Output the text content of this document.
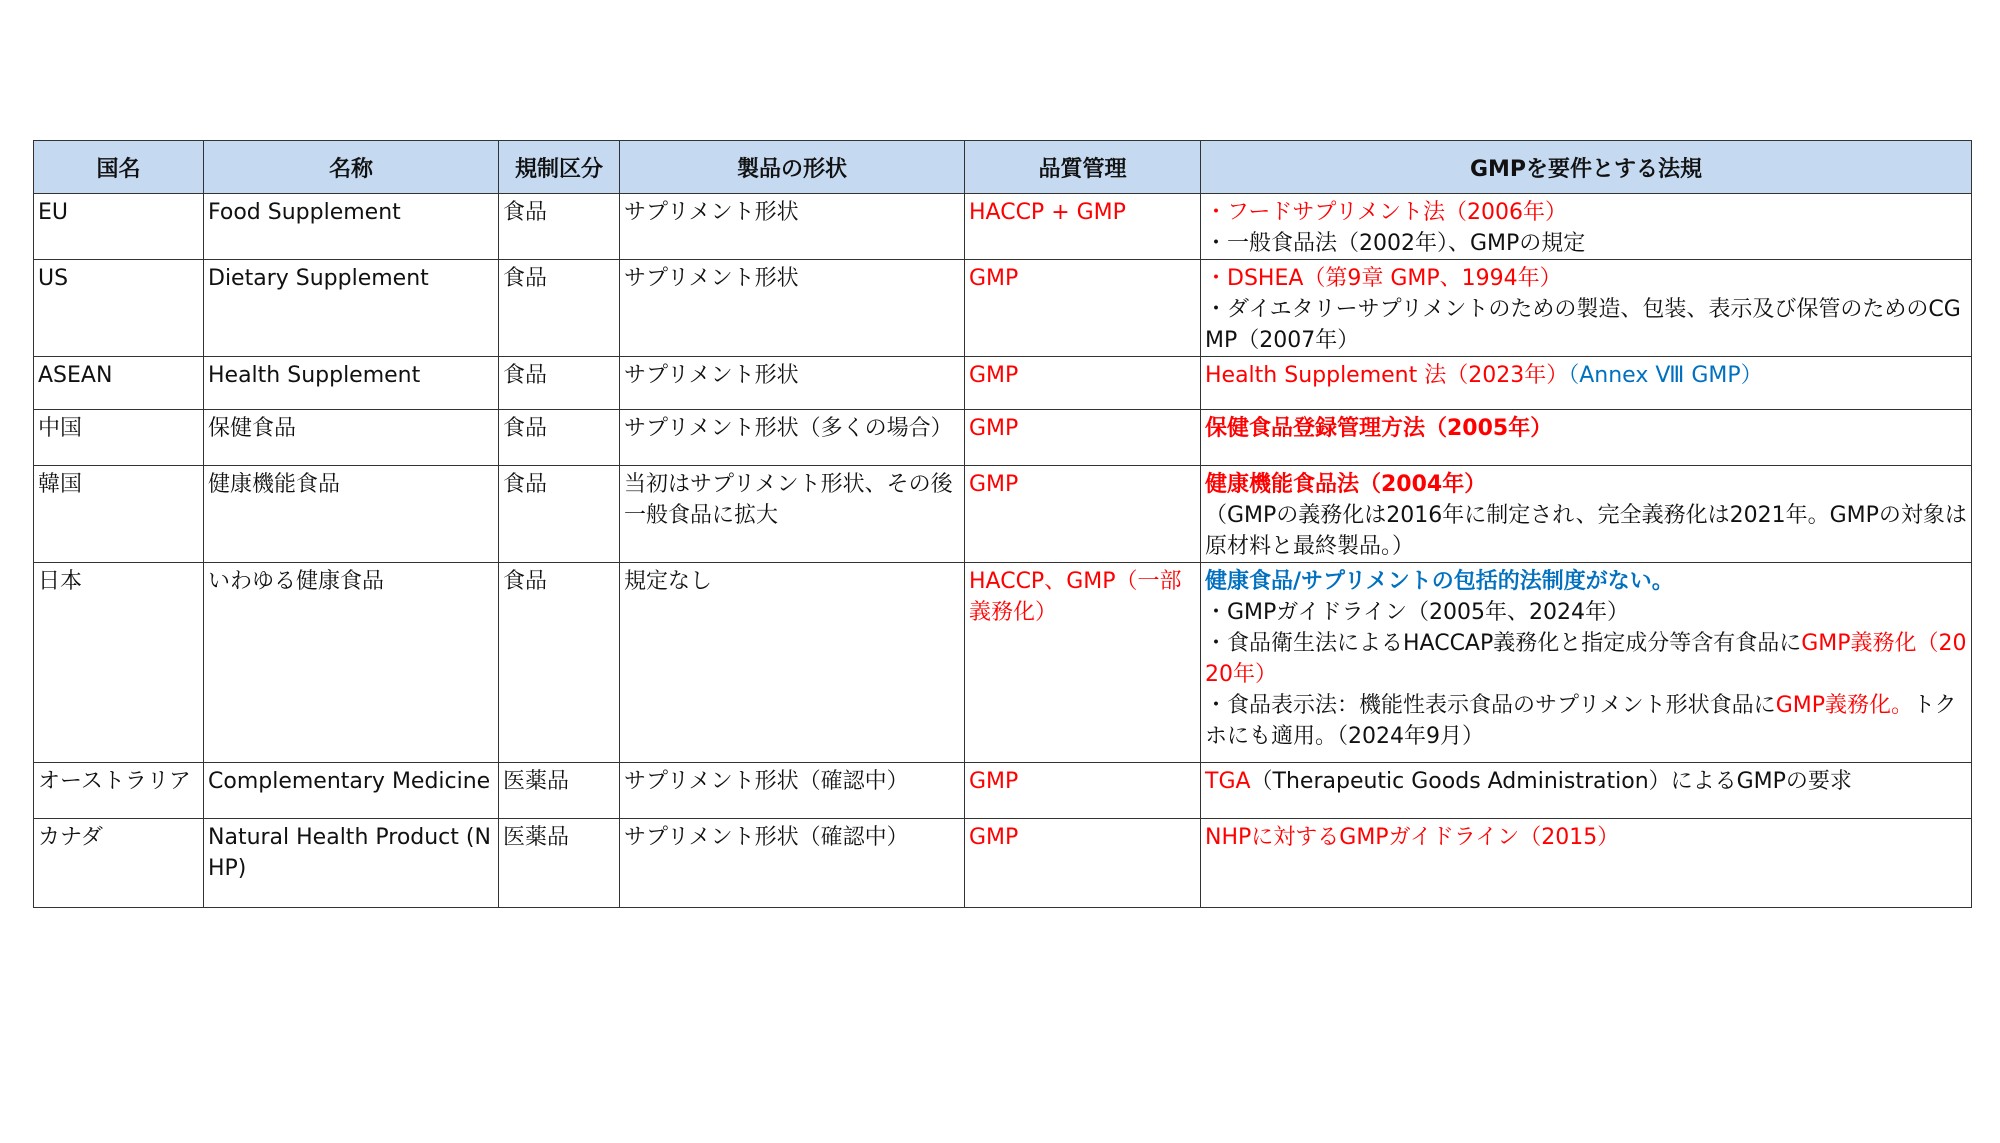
国名	名称	規制区分	製品の形状	品質管理	GMPを要件とする法規
EU	Food Supplement	食品	サプリメント形状	HACCP + GMP	・フードサプリメント法（2006年）
・一般食品法（2002年）、GMPの規定

US	Dietary Supplement	食品	サプリメント形状	GMP	・DSHEA（第9章 GMP、1994年）
・ダイエタリーサプリメントのための製造、包装、表示及び保管のためのCGMP（2007年）

ASEAN	Health Supplement	食品	サプリメント形状	GMP	Health Supplement 法（2023年）（Annex Ⅷ GMP）
中国	保健食品	食品	サプリメント形状（多くの場合）	GMP	保健食品登録管理方法（2005年）

韓国	健康機能食品	食品	当初はサプリメント形状、その後一般食品に拡大	GMP	健康機能食品法（2004年）
（GMPの義務化は2016年に制定され、完全義務化は2021年。GMPの対象は原材料と最終製品。）

日本	いわゆる健康食品	食品	規定なし	HACCP、GMP（一部義務化）	健康食品/サプリメントの包括的法制度がない。
・GMPガイドライン（2005年、2024年）
・食品衛生法によるHACCAP義務化と指定成分等含有食品にGMP義務化（2020年）
・食品表示法：機能性表示食品のサプリメント形状食品にGMP義務化。トクホにも適用。（2024年9月）

オーストラリア	Complementary Medicine	医薬品	サプリメント形状（確認中）	GMP	TGA（Therapeutic Goods Administration）によるGMPの要求
カナダ	Natural Health Product (NHP)	医薬品	サプリメント形状（確認中）	GMP	NHPに対するGMPガイドライン（2015）
